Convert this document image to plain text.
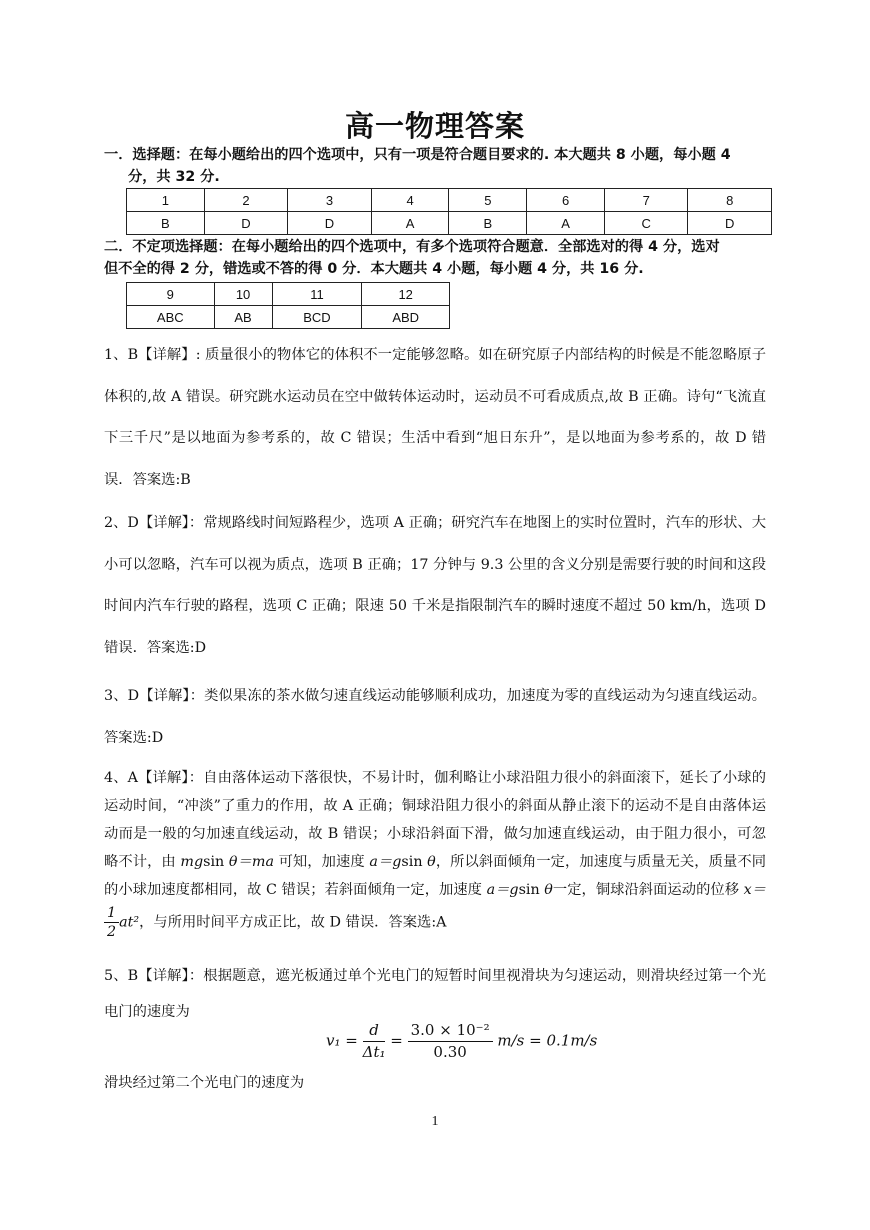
高一物理答案
一．选择题：在每小题给出的四个选项中，只有一项是符合题目要求的. 本大题共 8 小题，每小题 4
分，共 32 分.
1	2	3	4	5	6	7	8
B	D	D	A	B	A	C	D
二．不定项选择题：在每小题给出的四个选项中，有多个选项符合题意．全部选对的得 4 分，选对
但不全的得 2 分，错选或不答的得 0 分．本大题共 4 小题，每小题 4 分，共 16 分.
9	10	11	12
ABC	AB	BCD	ABD
1、B【详解】: 质量很小的物体它的体积不一定能够忽略。如在研究原子内部结构的时候是不能忽略原子体积的,故 A 错误。研究跳水运动员在空中做转体运动时，运动员不可看成质点,故 B 正确。诗句“飞流直下三千尺”是以地面为参考系的，故 C 错误；生活中看到“旭日东升”，是以地面为参考系的，故 D 错误．答案选:B
2、D【详解】：常规路线时间短路程少，选项 A 正确；研究汽车在地图上的实时位置时，汽车的形状、大小可以忽略，汽车可以视为质点，选项 B 正确；17 分钟与 9.3 公里的含义分别是需要行驶的时间和这段时间内汽车行驶的路程，选项 C 正确；限速 50 千米是指限制汽车的瞬时速度不超过 50 km/h，选项 D 错误．答案选:D
3、D【详解】：类似果冻的茶水做匀速直线运动能够顺利成功，加速度为零的直线运动为匀速直线运动。答案选:D
4、A【详解】：自由落体运动下落很快，不易计时，伽利略让小球沿阻力很小的斜面滚下，延长了小球的运动时间，“冲淡”了重力的作用，故 A 正确；铜球沿阻力很小的斜面从静止滚下的运动不是自由落体运动而是一般的匀加速直线运动，故 B 错误；小球沿斜面下滑，做匀加速直线运动，由于阻力很小，可忽略不计，由 mgsin θ＝ma 可知，加速度 a＝gsin θ，所以斜面倾角一定，加速度与质量无关，质量不同的小球加速度都相同，故 C 错误；若斜面倾角一定，加速度 a＝gsin θ一定，铜球沿斜面运动的位移 x＝
$\frac{1}{2} at^2$，与所用时间平方成正比，故 D 错误．答案选:A
5、B【详解】：根据题意，遮光板通过单个光电门的短暂时间里视滑块为匀速运动，则滑块经过第一个光电门的速度为
$v_1 = \frac{d}{\text{Δt₁}} = \frac{\text{3.0 × 10⁻²}}{0.30} m/s = 0.1m/s$
滑块经过第二个光电门的速度为
1
